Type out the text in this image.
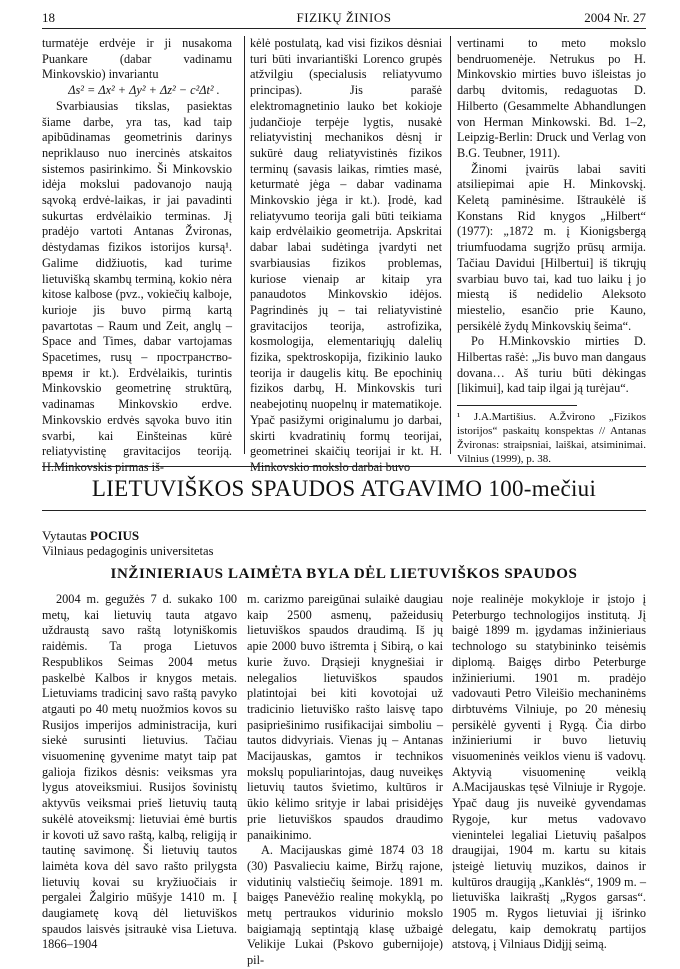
FIZIKŲ ŽINIOS
18	2004 Nr. 27

turmatėje erdvėje ir ji nusakoma Puankare (dabar vadinamu Minkovskio) invariantu

Δs² = Δx² + Δy² + Δz² − c²Δt² .

Svarbiausias tikslas, pasiektas šiame darbe, yra tas, kad taip apibūdinamas geometrinis darinys nepriklauso nuo inercinės atskaitos sistemos pasirinkimo. Ši Minkovskio idėja mokslui padovanojo naują sąvoką erdvė-laikas, ir jai pavadinti sukurtas erdvėlaikio terminas. Jį pradėjo vartoti Antanas Žvironas, dėstydamas fizikos istorijos kursą¹. Galime didžiuotis, kad turime lietuvišką skambų terminą, kokio nėra kitose kalbose (pvz., vokiečių kalboje, kurioje jis buvo pirmą kartą pavartotas – Raum und Zeit, anglų – Space and Times, dabar vartojamas Spacetimes, rusų – пространство-время ir kt.). Erdvėlaikis, turintis Minkovskio geometrinę struktūrą, vadinamas Minkovskio erdve. Minkovskio erdvės sąvoka buvo itin svarbi, kai Einšteinas kūrė reliatyvistinę gravitacijos teoriją.

kėlė postulatą, kad visi fizikos dėsniai turi būti invariantiški Lorenco grupės atžvilgiu (specialusis reliatyvumo principas). Jis parašė elektromagnetinio lauko bet kokioje judančioje terpėje lygtis, nusakė reliatyvistinį mechanikos dėsnį ir sukūrė daug reliatyvistinės fizikos terminų (savasis laikas, rimties masė, keturmatė jėga – dabar vadinama Minkovskio jėga ir kt.). Įrodė, kad reliatyvumo teorija gali būti teikiama kaip erdvėlaikio geometrija. Apskritai dabar labai sudėtinga įvardyti net svarbiausias fizikos problemas, kuriose vienaip ar kitaip yra panaudotos Minkovskio idėjos. Pagrindinės jų – tai reliatyvistinė gravitacijos teorija, astrofizika, kosmologija, elementariųjų dalelių fizika, spektroskopija, fizikinio lauko teorija ir daugelis kitų. Be epochinių fizikos darbų, H. Minkovskis turi neabejotinų nuopelnų ir matematikoje. Ypač pasižymi originalumu jo darbai, skirti kvadratinių formų teorijai, geometrinei skaičių teorijai ir kt. H.

vertinami to meto mokslo bendruomenėje. Netrukus po H. Minkovskio mirties buvo išleistas jo darbų dvitomis, redaguotas D. Hilberto (Gesammelte Abhandlungen von Herman Minkowski. Bd. 1–2, Leipzig-Berlin: Druck und Verlag von B.G. Teubner, 1911).

Žinomi įvairūs labai saviti atsiliepimai apie H. Minkovskį. Keletą paminėsime. Ištraukėlė iš Konstans Rid knygos „Hilbert“ (1977): „1872 m. į Kionigsbergą triumfuodama sugrįžo prūsų armija. Tačiau Davidui [Hilbertui] iš tikrųjų svarbiau buvo tai, kad tuo laiku į jo miestą iš nedidelio Aleksoto miestelio, esančio prie Kauno, persikėlė žydų Minkovskių šeima“.

Po H.Minkovskio mirties D. Hilbertas rašė: „Jis buvo man dangaus dovana… Aš turiu būti dėkingas [likimui], kad taip ilgai ją turėjau“.

¹ J.A.Martišius. A.Žvirono „Fizikos istorijos“ paskaitų konspektas // Antanas Žvironas: straipsniai, laiškai, atsiminimai. Vilnius (1999), p. 38.

LIETUVIŠKOS SPAUDOS ATGAVIMO 100-mečiui
Vytautas POCIUS
Vilniaus pedagoginis universitetas
INŽINIERIAUS LAIMĖTA BYLA DĖL LIETUVIŠKOS SPAUDOS

2004 m. gegužės 7 d. sukako 100 metų, kai lietuvių tauta atgavo uždraustą savo raštą lotyniškomis raidėmis. Ta proga Lietuvos Respublikos Seimas 2004 metus paskelbė Kalbos ir knygos metais. Lietuviams tradicinį savo raštą pavyko atgauti po 40 metų nuožmios kovos su Rusijos imperijos administracija, kuri siekė surusinti lietuvius. Tačiau visuomeninę gyvenime matyt taip pat galioja fizikos dėsnis: veiksmas yra lygus atoveiksmiui. Rusijos šovinistų aktyvūs veiksmai prieš lietuvių tautą sukėlė atoveiksmį: lietuviai ėmė burtis ir kovoti už savo raštą, kalbą, religiją ir tautinę savimonę. Ši lietuvių tautos laimėta kova dėl savo rašto prilygsta lietuvių kovai su kryžiuočiais ir pergalei Žalgirio mūšyje 1410 m. Į daugiametę kovą dėl lietuviškos spaudos laisvės įsitraukė visa Lietuva. 1866–1904

m. carizmo pareigūnai sulaikė daugiau kaip 2500 asmenų, pažeidusių lietuviškos spaudos draudimą. Iš jų apie 2000 buvo ištremta į Sibirą, o kai kurie žuvo. Drąsieji knygnešiai ir nelegalios lietuviškos spaudos platintojai bei kiti kovotojai už tradicinio lietuviško rašto laisvę tapo pasipriešinimo rusifikacijai simboliu – tautos didvyriais. Vienas jų – Antanas Macijauskas, gamtos ir technikos mokslų populiarintojas, daug nuveikęs lietuvių tautos švietimo, kultūros ir ūkio kėlimo srityje ir labai prisidėjęs prie lietuviškos spaudos draudimo panaikinimo.

A. Macijauskas gimė 1874 03 18 (30) Pasvalieciu kaime, Biržų rajone, vidutinių valstiečių šeimoje. 1891 m. baigęs Panevėžio realinę mokyklą, po metų pertraukos vidurinio mokslo baigiamąją septintąją klasę užbaigė Velikije Lukai (Pskovo gubernijoje) pil-

noje realinėje mokykloje ir įstojo į Peterburgo technologijos institutą. Jį baigė 1899 m. įgydamas inžinieriaus technologo su statybininko teisėmis diplomą. Baigęs dirbo Peterburge inžinieriumi. 1901 m. pradėjo vadovauti Petro Vileišio mechaninėms dirbtuvėms Vilniuje, po 20 mėnesių persikėlė gyventi į Rygą. Čia dirbo inžinieriumi ir buvo lietuvių visuomeninės veiklos vienu iš vadovų. Aktyvią visuomeninę veiklą A.Macijauskas tęsė Vilniuje ir Rygoje. Ypač daug jis nuveikė gyvendamas Rygoje, kur metus vadovavo vienintelei legaliai Lietuvių pašalpos draugijai, 1904 m. kartu su kitais įsteigė lietuvių muzikos, dainos ir kultūros draugiją „Kanklės“, 1909 m. – lietuviška laikraštį „Rygos garsas“. 1905 m. Rygos lietuviai jį išrinko delegatu, kaip demokratų partijos atstovą, į Vilniaus Didįjį seimą.
